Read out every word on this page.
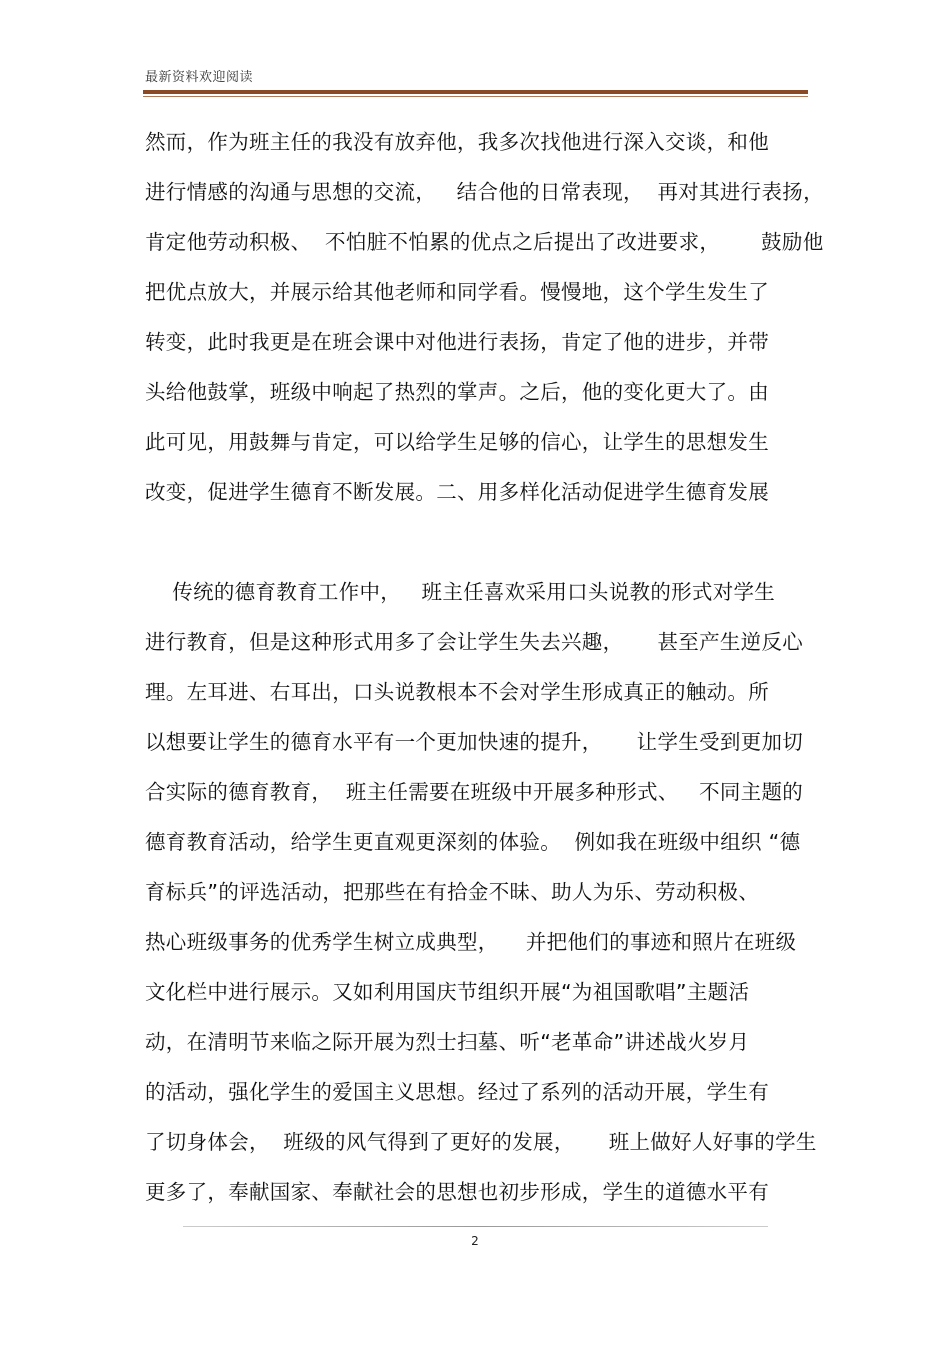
最新资料欢迎阅读
然而，作为班主任的我没有放弃他，我多次找他进行深入交谈，和他
进行情感的沟通与思想的交流，   结合他的日常表现，  再对其进行表扬，
肯定他劳动积极、  不怕脏不怕累的优点之后提出了改进要求，      鼓励他
把优点放大，并展示给其他老师和同学看。慢慢地，这个学生发生了
转变，此时我更是在班会课中对他进行表扬，肯定了他的进步，并带
头给他鼓掌，班级中响起了热烈的掌声。之后，他的变化更大了。由
此可见，用鼓舞与肯定，可以给学生足够的信心，让学生的思想发生
改变，促进学生德育不断发展。二、用多样化活动促进学生德育发展
传统的德育教育工作中，   班主任喜欢采用口头说教的形式对学生
进行教育，但是这种形式用多了会让学生失去兴趣，     甚至产生逆反心
理。左耳进、右耳出，口头说教根本不会对学生形成真正的触动。所
以想要让学生的德育水平有一个更加快速的提升，     让学生受到更加切
合实际的德育教育，  班主任需要在班级中开展多种形式、   不同主题的
德育教育活动，给学生更直观更深刻的体验。  例如我在班级中组织 “德
育标兵”的评选活动，把那些在有拾金不昧、助人为乐、劳动积极、
热心班级事务的优秀学生树立成典型，    并把他们的事迹和照片在班级
文化栏中进行展示。又如利用国庆节组织开展“为祖国歌唱”主题活
动，在清明节来临之际开展为烈士扫墓、听“老革命”讲述战火岁月
的活动，强化学生的爱国主义思想。经过了系列的活动开展，学生有
了切身体会，  班级的风气得到了更好的发展，     班上做好人好事的学生
更多了，奉献国家、奉献社会的思想也初步形成，学生的道德水平有
2
